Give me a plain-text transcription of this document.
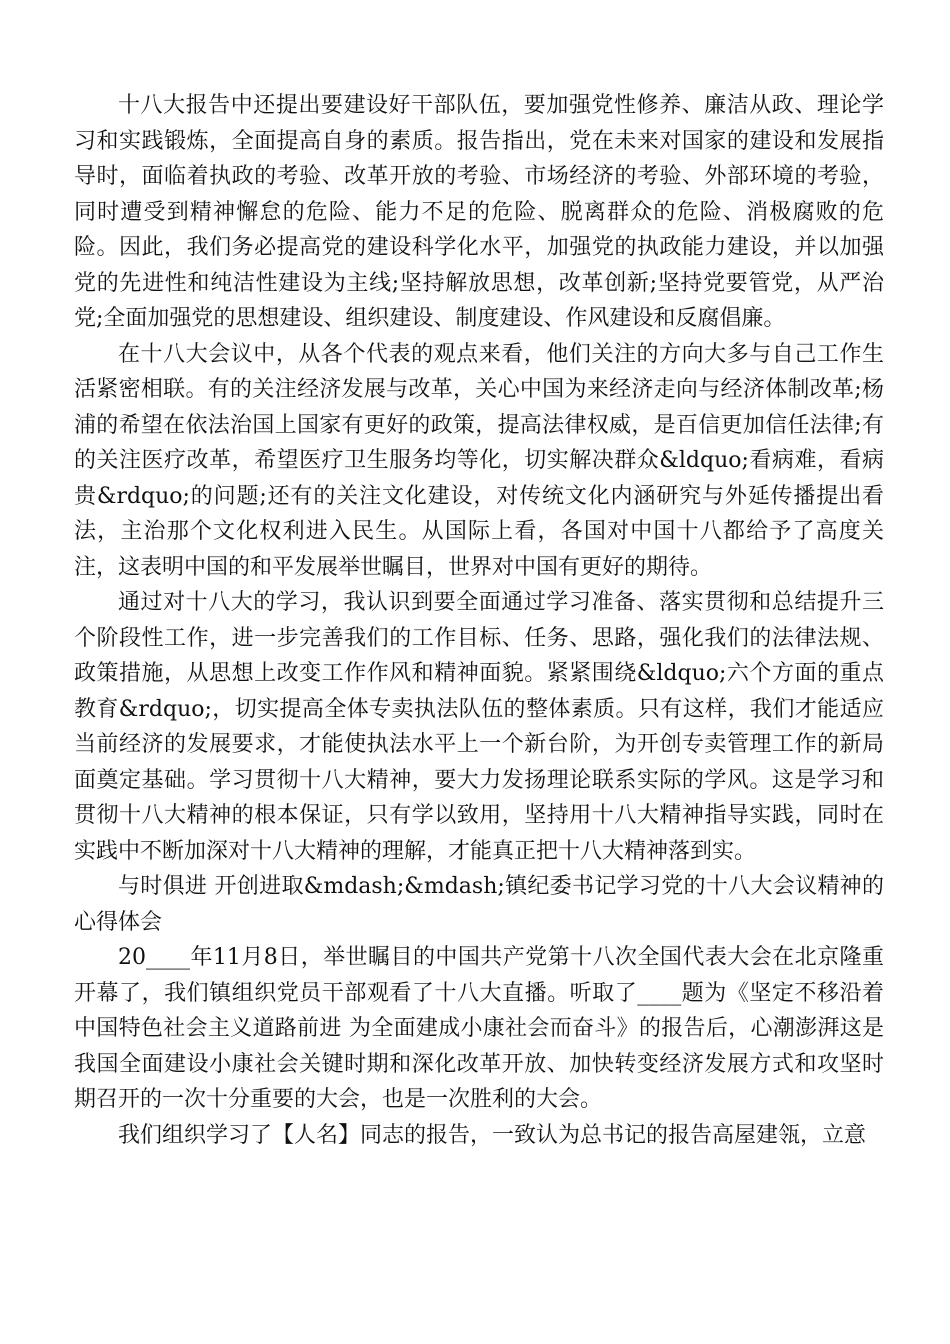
十八大报告中还提出要建设好干部队伍，要加强党性修养、廉洁从政、理论学习和实践锻炼，全面提高自身的素质。报告指出，党在未来对国家的建设和发展指导时，面临着执政的考验、改革开放的考验、市场经济的考验、外部环境的考验，同时遭受到精神懈怠的危险、能力不足的危险、脱离群众的危险、消极腐败的危险。因此，我们务必提高党的建设科学化水平，加强党的执政能力建设，并以加强党的先进性和纯洁性建设为主线;坚持解放思想，改革创新;坚持党要管党，从严治党;全面加强党的思想建设、组织建设、制度建设、作风建设和反腐倡廉。

在十八大会议中，从各个代表的观点来看，他们关注的方向大多与自己工作生活紧密相联。有的关注经济发展与改革，关心中国为来经济走向与经济体制改革;杨浦的希望在依法治国上国家有更好的政策，提高法律权威，是百信更加信任法律;有的关注医疗改革，希望医疗卫生服务均等化，切实解决群众&ldquo;看病难，看病贵&rdquo;的问题;还有的关注文化建设，对传统文化内涵研究与外延传播提出看法，主治那个文化权利进入民生。从国际上看，各国对中国十八都给予了高度关注，这表明中国的和平发展举世瞩目，世界对中国有更好的期待。

通过对十八大的学习，我认识到要全面通过学习准备、落实贯彻和总结提升三个阶段性工作，进一步完善我们的工作目标、任务、思路，强化我们的法律法规、政策措施，从思想上改变工作作风和精神面貌。紧紧围绕&ldquo;六个方面的重点教育&rdquo;，切实提高全体专卖执法队伍的整体素质。只有这样，我们才能适应当前经济的发展要求，才能使执法水平上一个新台阶，为开创专卖管理工作的新局面奠定基础。学习贯彻十八大精神，要大力发扬理论联系实际的学风。这是学习和贯彻十八大精神的根本保证，只有学以致用，坚持用十八大精神指导实践，同时在实践中不断加深对十八大精神的理解，才能真正把十八大精神落到实。

与时俱进 开创进取&mdash;&mdash;镇纪委书记学习党的十八大会议精神的心得体会

20____年11月8日，举世瞩目的中国共产党第十八次全国代表大会在北京隆重开幕了，我们镇组织党员干部观看了十八大直播。听取了____题为《坚定不移沿着中国特色社会主义道路前进 为全面建成小康社会而奋斗》的报告后，心潮澎湃这是我国全面建设小康社会关键时期和深化改革开放、加快转变经济发展方式和攻坚时期召开的一次十分重要的大会，也是一次胜利的大会。

我们组织学习了【人名】同志的报告，一致认为总书记的报告高屋建瓴，立意
